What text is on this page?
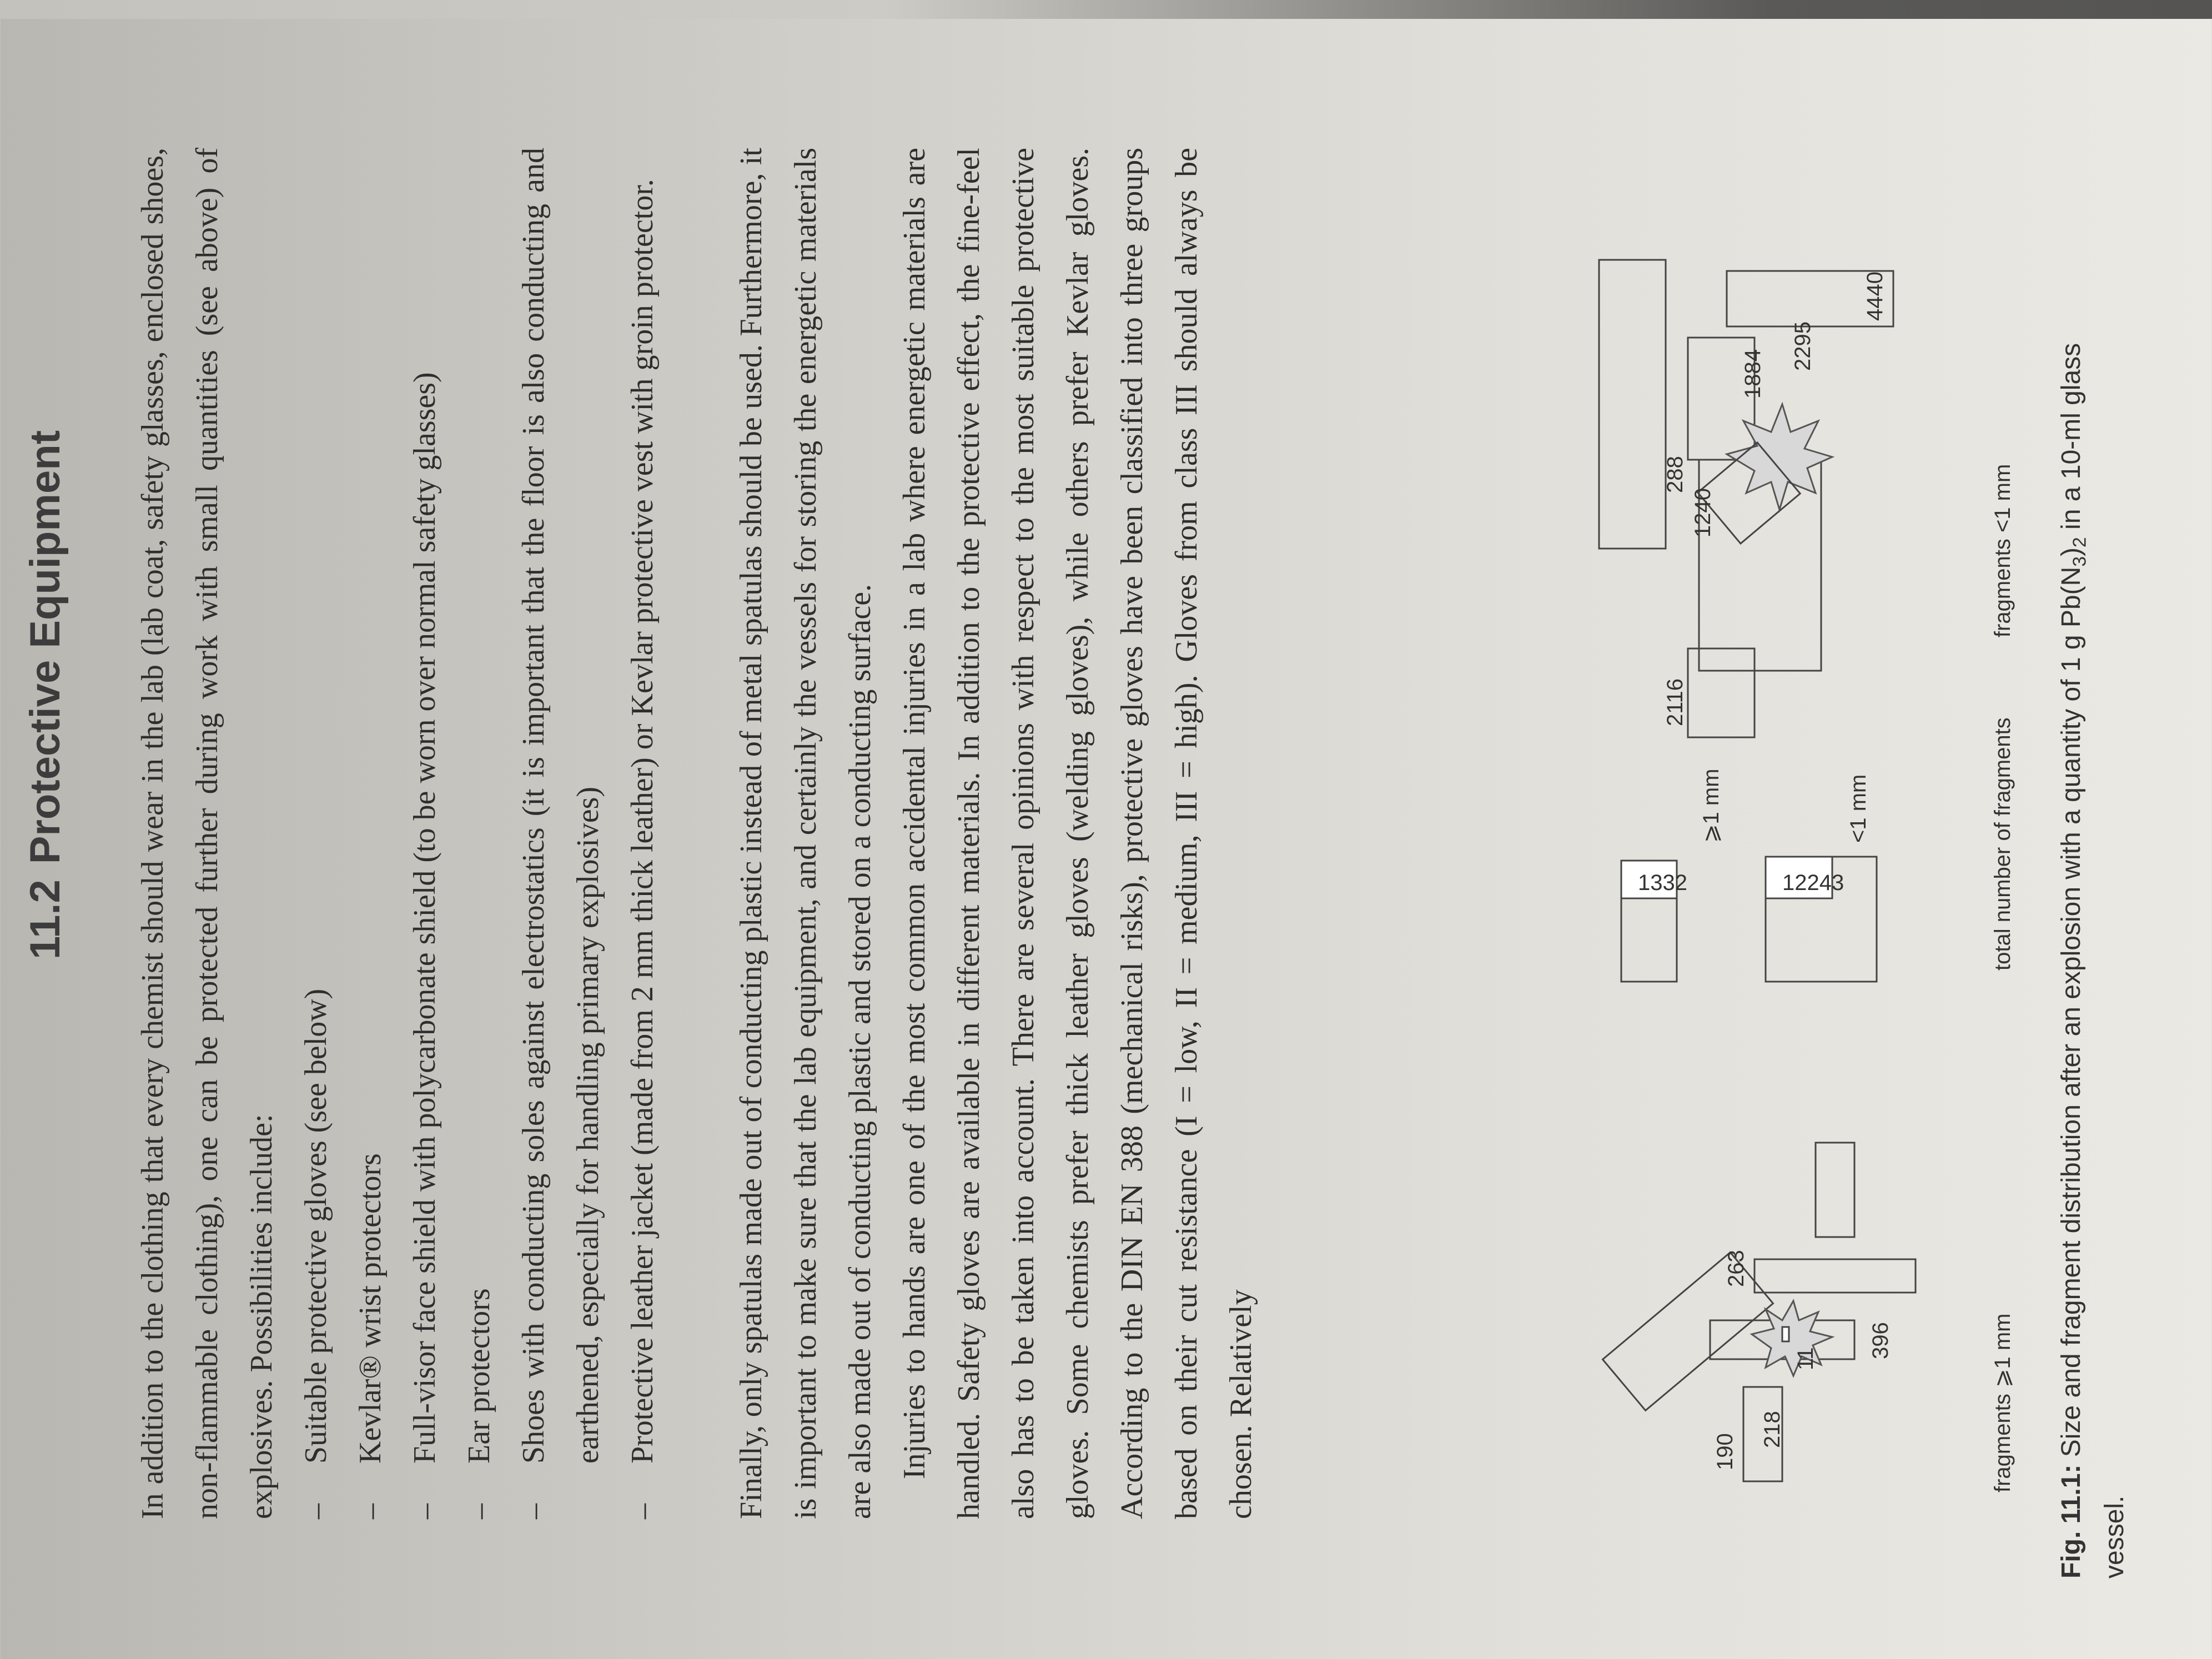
11.2Protective Equipment	In addition to the clothing that every chemist should wear in the lab (lab coat, safety glasses, enclosed shoes, non-flammable clothing), one can be protected further during work with small quantities (see above) of explosives. Possibilities include: – Suitable protective gloves (see below) – Kevlar® wrist protectors – Full-visor face shield with polycarbonate shield (to be worn over normal safety glasses) – Ear protectors – Shoes with conducting soles against electrostatics (it is important that the floor is also conducting and earthened, especially for handling primary explosives) – Protective leather jacket (made from 2 mm thick leather) or Kevlar protective vest with groin protector.	Finally, only spatulas made out of conducting plastic instead of metal spatulas should be used. Furthermore, it is important to make sure that the lab equipment, and certainly the vessels for storing the energetic materials are also made out of conducting plastic and stored on a conducting surface. Injuries to hands are one of the most common accidental injuries in a lab where energetic materials are handled. Safety gloves are available in different materials. In addition to the protective effect, the fine-feel also has to be taken into account. There are several opinions with respect to the most suitable protective gloves. Some chemists prefer thick leather gloves (welding gloves), while others prefer Kevlar gloves. According to the DIN EN 388 (mechanical risks), protective gloves have been classified into three groups based on their cut resistance (I = low, II = medium, III = high). Gloves from class III should always be chosen. Relatively	190
218
11 396
263
1332	12243
⩾1 mm	<1 mm
2116
288
1240
1884
2295
4440
fragments ⩾1 mm
total number of fragments
fragments <1 mm
Fig. 11.1: Size and fragment distribution after an explosion with a quantity of 1 g $Pb(N_3)_2$ in a 10-ml glass vessel.
